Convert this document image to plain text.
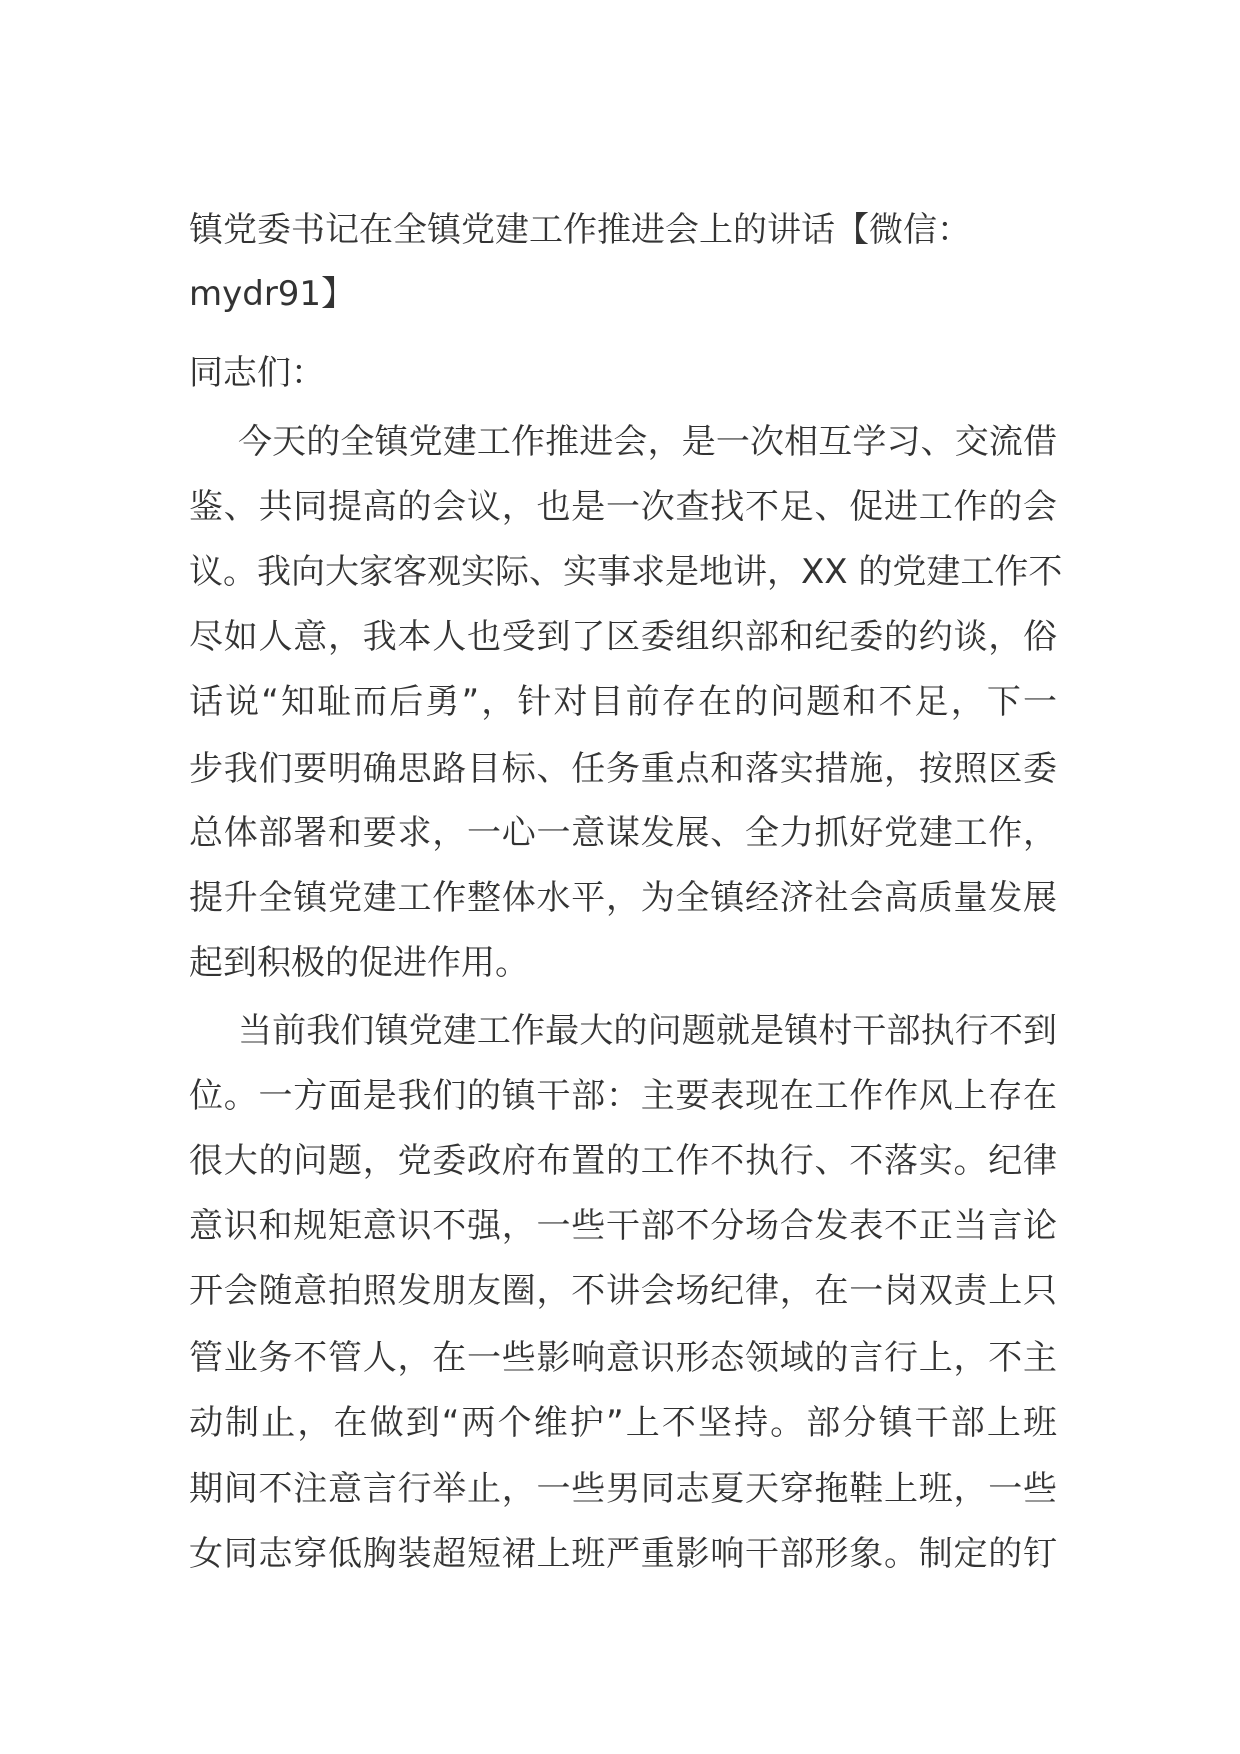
镇党委书记在全镇党建工作推进会上的讲话【微信：
mydr91】
同志们：
今天的全镇党建工作推进会，是一次相互学习、交流借
鉴、共同提高的会议，也是一次查找不足、促进工作的会
议。我向大家客观实际、实事求是地讲，XX 的党建工作不
尽如人意，我本人也受到了区委组织部和纪委的约谈，俗
话说“知耻而后勇”，针对目前存在的问题和不足，下一
步我们要明确思路目标、任务重点和落实措施，按照区委
总体部署和要求，一心一意谋发展、全力抓好党建工作，
提升全镇党建工作整体水平，为全镇经济社会高质量发展
起到积极的促进作用。
当前我们镇党建工作最大的问题就是镇村干部执行不到
位。一方面是我们的镇干部：主要表现在工作作风上存在
很大的问题，党委政府布置的工作不执行、不落实。纪律
意识和规矩意识不强，一些干部不分场合发表不正当言论
开会随意拍照发朋友圈，不讲会场纪律，在一岗双责上只
管业务不管人，在一些影响意识形态领域的言行上，不主
动制止，在做到“两个维护”上不坚持。部分镇干部上班
期间不注意言行举止，一些男同志夏天穿拖鞋上班，一些
女同志穿低胸装超短裙上班严重影响干部形象。制定的钉
